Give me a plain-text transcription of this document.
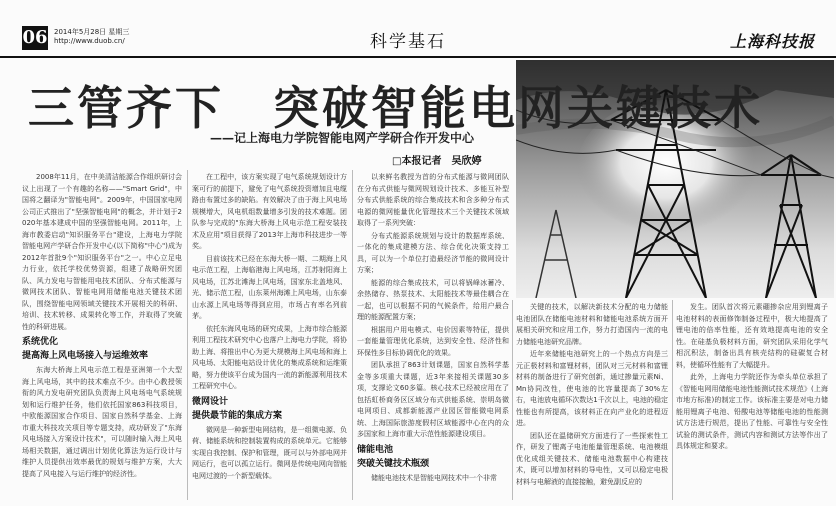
06 2014年5月28日 星期三
http://www.duob.cn/	科学基石	上海科技报
三管齐下　突破智能电网关键技术
——记上海电力学院智能电网产学研合作开发中心
□本报记者　吴欣婷

2008年11月，在中美清洁能源合作组织研讨会议上出现了一个有趣的名称——"Smart Grid"，中国将之翻译为"智能电网"。2009年，中国国家电网公司正式推出了"坚强智能电网"的概念，并计划于2020年基本建成中国的坚强智能电网。2011年，上海市教委启动"知识服务平台"建设，上海电力学院智能电网产学研合作开发中心(以下简称"中心")成为2012年首批9个"知识服务平台"之一。中心立足电力行业，依托学校优势资源，组建了战略研究团队、风力发电与智能用电技术团队、分布式能源与微网技术团队、智能电网用储能电池关键技术团队，围绕智能电网领域关键技术开展相关的科研、培训、技术转移、成果转化等工作，并取得了突破性的科研进展。

系统优化

提高海上风电场接入与运维效率

东海大桥海上风电示范工程是亚洲第一个大型海上风电场，其中的技术难点不少。由中心教授领衔的风力发电研究团队负责海上风电场电气系统规划和运行维护任务，他们依托国家863科技项目，中欧能源国家合作项目、国家自然科学基金、上海市重大科技攻关项目等专题支持，成功研发了"东海风电场接入方案设计技术"，可以随时输入海上风电场相关数据，通过调出计划优化算法为运行设计与维护人员提供出效率最优的规划与维护方案，大大提高了风电接入与运行维护的经济性。

在工程中，该方案实现了电气系统规划设计方案可行的前提下，避免了电气系统投资增加且电缆路由布置过多的缺陷。有效解决了由于海上风电场规模增大，风电机组数量增多引发的技术难题。团队参与完成的"东海大桥海上风电示范工程安装技术及应用"项目获得了2013年上海市科技进步一等奖。

目前该技术已经在东海大桥一期、二期海上风电示范工程，上海临港海上风电场，江苏射阳海上风电场，江苏北滩海上风电场，国家东北盖地风、光、储示范工程，山东莱州海滩上风电场，山东泰山水源上风电场等得到应用，市场占有率名列前茅。

依托东海风电场的研究成果，上海市综合能源利用工程技术研究中心也落户上海电力学院，将协助上海、将推出中心为更大规模海上风电场和海上风电场、太阳能电站设计优化的集成系统和运维策略，努力使该平台成为国内一流的新能源利用技术工程研究中心。

微网设计

提供最节能的集成方案

微网是一种新型电网结构，是一组微电源、负荷、储能系统和控制装置构成的系统单元。它能够实现自我控制、保护和管理，既可以与外部电网并网运行，也可以孤立运行。微网是传统电网向智能电网过渡的一个新型载体。

以来鲜名教授为首的分布式能源与微网团队在分布式供能与微网规划设计技术、多能互补型分布式供能系统的综合集成技术和含多种分布式电源的微网能量优化管理技术三个关键技术领域取得了一系列突破：

分布式能源系统规划与设计的数据库系统、一体化的集成建模方法、综合优化决策支持工具，可以为一个单位打造最经济节能的微网设计方案；

能源的综合集成技术，可以将锅峰冰蓄冷、余热储存、热泵技术、太阳能技术等最佳耦合在一起，也可以根据不同的气候条件，给用户最合理的能源配置方案；

根据用户用电模式、电价因素等特征，提供一套能量管理优化系统，达到安全性、经济性和环保性多目标协调优化的效果。

团队承担了863计划课题，国家自然科学基金等多项重大课题，近3年来接相关课题30多项，支撑论文60多篇。核心技术已经被应用在了包括虹桥商务区区域分布式供能系统、崇明岛微电网项目、成都新能源产业园区智能微电网系统、上海国际旅游度假村区域能源中心在内的众多国家和上海市重大示范性能源建设项目。

储能电池

突破关键技术瓶颈

储能电池技术是智能电网技术中一个非常

关键的技术，以解决新技术分配的电力储能电池团队在储能电池材料和储能电池系统方面开展相关研究和应用工作，努力打造国内一流的电力储能电池研究品牌。

近年来储能电池研究上的一个热点方向是三元正极材料和富锂材料，团队对三元材料和富锂材料的制备进行了研究创新，通过掺量元素Ni、Mn协同改性，使电池的比容量提高了30%左右，电池放电循环次数达1千次以上，电池的稳定性能也有所提高，该材料正在向产业化的进程迈进。

团队还在温储研究方面进行了一些探索性工作，研发了锂离子电池能量管理系统、电池模组优化成组关键技术、储能电池数据中心构建技术，既可以增加材料的导电性，又可以稳定电极材料与电解液的直接接触，避免副反应的

发生。团队首次将元素硼掺杂应用到锂离子电池材料的表面修饰制备过程中，极大地提高了锂电池的倍率性能，还有效地提高电池的安全性。在硅基负极材料方面，研究团队采用化学气相沉积法，制备出具有核壳结构的硅碳复合材料，使循环性能有了大幅提升。

此外，上海电力学院还作为牵头单位承担了《智能电网用储能电池性能测试技术规范》(上海市地方标准)的制定工作。该标准主要是对电力储能用锂离子电池、铅酸电池等储能电池的性能测试方法进行规范，提出了性能、可靠性与安全性试验的测试条件，测试内容和测试方法等作出了具体规定和要求。
